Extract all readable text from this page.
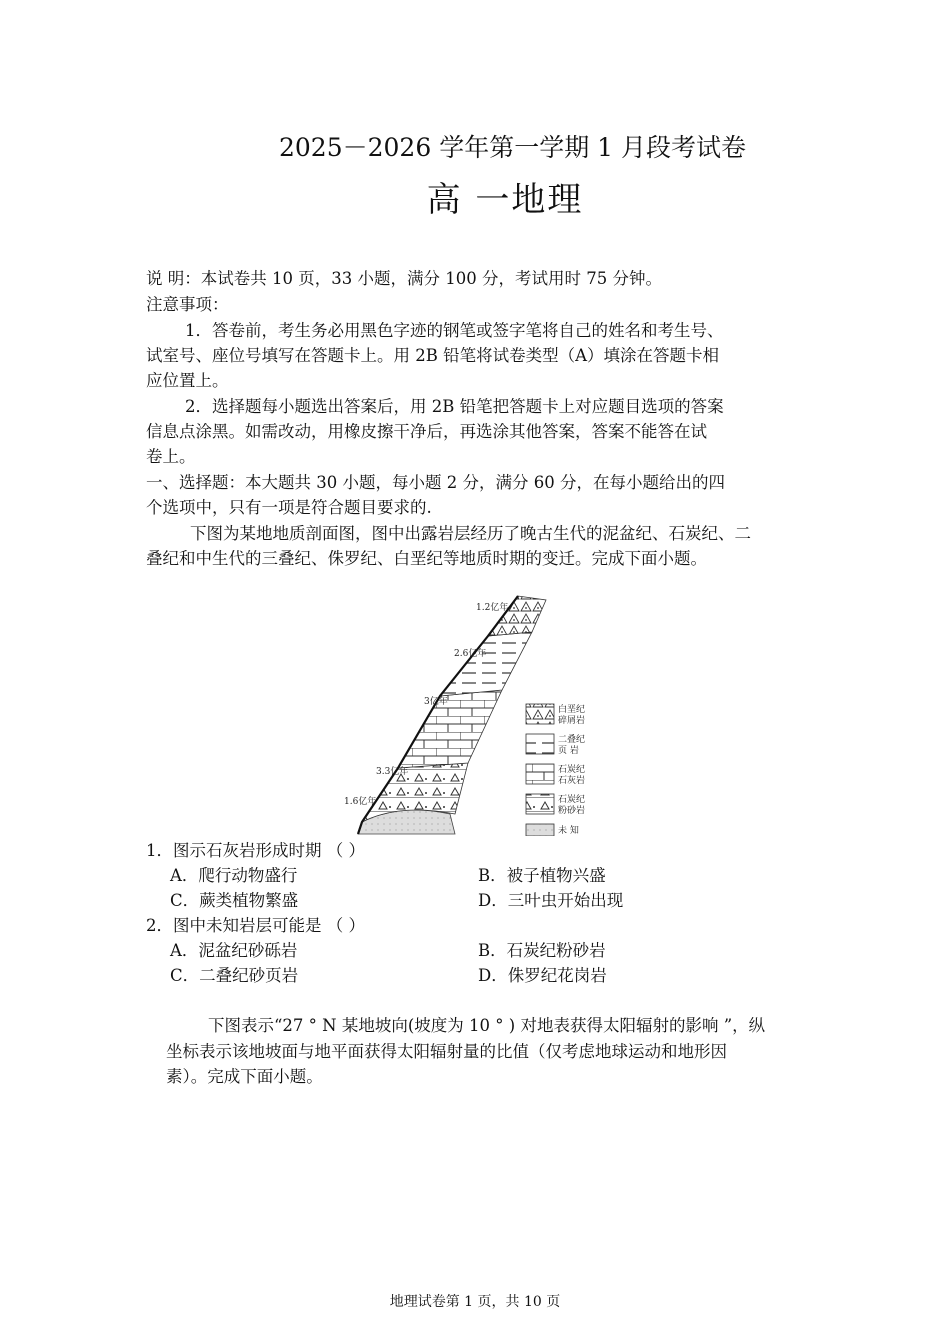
2025－2026 学年第一学期 1 月段考试卷
高 一地理
说 明：本试卷共 10 页，33 小题，满分 100 分，考试用时 75 分钟。
注意事项：
1．答卷前，考生务必用黑色字迹的钢笔或签字笔将自己的姓名和考生号、
试室号、座位号填写在答题卡上。用 2B 铅笔将试卷类型（A）填涂在答题卡相
应位置上。
2．选择题每小题选出答案后，用 2B 铅笔把答题卡上对应题目选项的答案
信息点涂黑。如需改动，用橡皮擦干净后，再选涂其他答案，答案不能答在试
卷上。
一、选择题：本大题共 30 小题，每小题 2 分，满分 60 分，在每小题给出的四
个选项中，只有一项是符合题目要求的.
下图为某地地质剖面图，图中出露岩层经历了晚古生代的泥盆纪、石炭纪、二
叠纪和中生代的三叠纪、侏罗纪、白垩纪等地质时期的变迁。完成下面小题。
1.2亿年
2.6亿年
3亿年
3.3亿年
1.6亿年
白垩纪
碎屑岩
二叠纪
页 岩
石炭纪
石灰岩
石炭纪
粉砂岩
未 知
1．图示石灰岩形成时期 （ ）
A．爬行动物盛行	B．被子植物兴盛
C．蕨类植物繁盛	D．三叶虫开始出现
2．图中未知岩层可能是 （ ）
A．泥盆纪砂砾岩	B．石炭纪粉砂岩
C．二叠纪砂页岩	D．侏罗纪花岗岩
下图表示“27 ° N 某地坡向(坡度为 10 ° ) 对地表获得太阳辐射的影响 ”，纵
坐标表示该地坡面与地平面获得太阳辐射量的比值（仅考虑地球运动和地形因
素）。完成下面小题。
地理试卷第 1 页，共 10 页
